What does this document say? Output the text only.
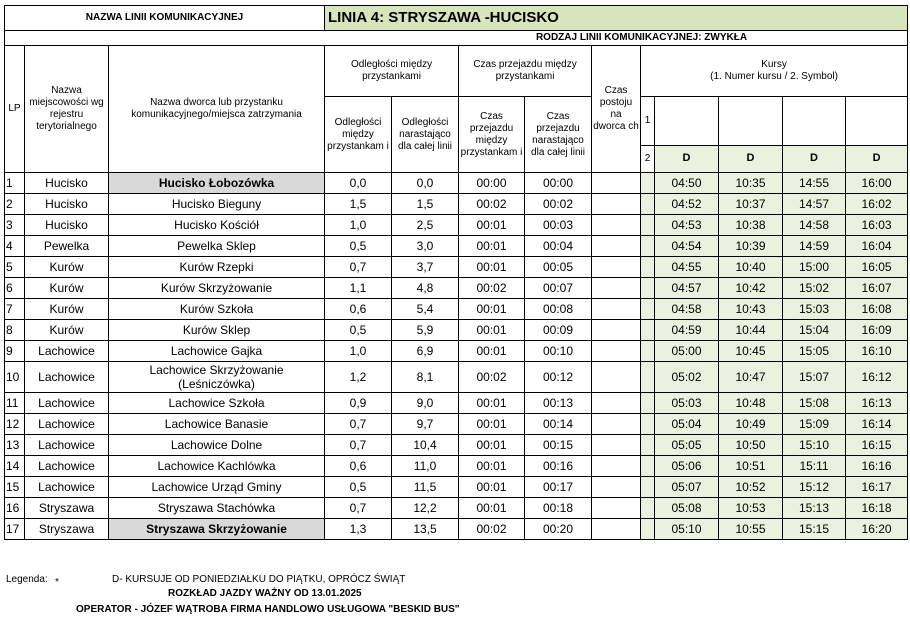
NAZWA LINII KOMUNIKACYJNEJ			LINIA 4: STRYSZAWA -HUCISKO									
			RODZAJ LINII KOMUNIKACYJNEJ: ZWYKŁA									
LP	Nazwa miejscowości wg rejestru terytorialnego	Nazwa dworca lub przystanku komunikacyjnego/miejsca zatrzymania	Odległości między przystankami		Czas przejazdu między przystankami		Czas postoju na dworca ch	Kursy
(1. Numer kursu / 2. Symbol)				
			Odległości między przystankam i	Odległości narastająco dla całej linii	Czas przejazdu między przystankam i	Czas przejazdu narastająco dla całej linii		1				
								2	D	D	D	D
1	Hucisko	Hucisko Łobozówka	0,0	0,0	00:00	00:00			04:50	10:35	14:55	16:00
2	Hucisko	Hucisko Bieguny	1,5	1,5	00:02	00:02			04:52	10:37	14:57	16:02
3	Hucisko	Hucisko Kościół	1,0	2,5	00:01	00:03			04:53	10:38	14:58	16:03
4	Pewelka	Pewelka Sklep	0,5	3,0	00:01	00:04			04:54	10:39	14:59	16:04
5	Kurów	Kurów Rzepki	0,7	3,7	00:01	00:05			04:55	10:40	15:00	16:05
6	Kurów	Kurów Skrzyżowanie	1,1	4,8	00:02	00:07			04:57	10:42	15:02	16:07
7	Kurów	Kurów Szkoła	0,6	5,4	00:01	00:08			04:58	10:43	15:03	16:08
8	Kurów	Kurów Sklep	0,5	5,9	00:01	00:09			04:59	10:44	15:04	16:09
9	Lachowice	Lachowice Gajka	1,0	6,9	00:01	00:10			05:00	10:45	15:05	16:10
10	Lachowice	Lachowice Skrzyżowanie (Leśniczówka)	1,2	8,1	00:02	00:12			05:02	10:47	15:07	16:12
11	Lachowice	Lachowice Szkoła	0,9	9,0	00:01	00:13			05:03	10:48	15:08	16:13
12	Lachowice	Lachowice Banasie	0,7	9,7	00:01	00:14			05:04	10:49	15:09	16:14
13	Lachowice	Lachowice Dolne	0,7	10,4	00:01	00:15			05:05	10:50	15:10	16:15
14	Lachowice	Lachowice Kachlówka	0,6	11,0	00:01	00:16			05:06	10:51	15:11	16:16
15	Lachowice	Lachowice Urząd Gminy	0,5	11,5	00:01	00:17			05:07	10:52	15:12	16:17
16	Stryszawa	Stryszawa Stachówka	0,7	12,2	00:01	00:18			05:08	10:53	15:13	16:18
17	Stryszawa	Stryszawa Skrzyżowanie	1,3	13,5	00:02	00:20			05:10	10:55	15:15	16:20
Legenda: *	D- KURSUJE OD PONIEDZIAŁKU DO PIĄTKU, OPRÓCZ ŚWIĄT
ROZKŁAD JAZDY WAŻNY OD 13.01.2025
OPERATOR - JÓZEF WĄTROBA FIRMA HANDLOWO USŁUGOWA "BESKID BUS"
